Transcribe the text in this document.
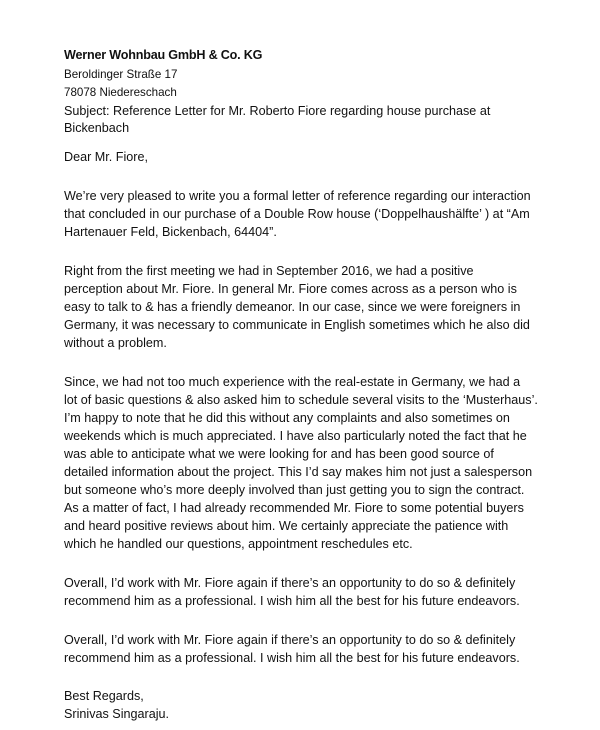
Werner Wohnbau GmbH & Co. KG
Beroldinger Straße 17
78078 Niedereschach
Subject: Reference Letter for Mr. Roberto Fiore regarding house purchase at
Bickenbach
Dear Mr. Fiore,
We’re very pleased to write you a formal letter of reference regarding our interaction
that concluded in our purchase of a Double Row house (‘Doppelhaushälfte’ ) at “Am
Hartenauer Feld, Bickenbach, 64404”.
Right from the first meeting we had in September 2016, we had a positive
perception about Mr. Fiore. In general Mr. Fiore comes across as a person who is
easy to talk to & has a friendly demeanor. In our case, since we were foreigners in
Germany, it was necessary to communicate in English sometimes which he also did
without a problem.
Since, we had not too much experience with the real-estate in Germany, we had a
lot of basic questions & also asked him to schedule several visits to the ‘Musterhaus’.
I’m happy to note that he did this without any complaints and also sometimes on
weekends which is much appreciated. I have also particularly noted the fact that he
was able to anticipate what we were looking for and has been good source of
detailed information about the project. This I’d say makes him not just a salesperson
but someone who’s more deeply involved than just getting you to sign the contract.
As a matter of fact, I had already recommended Mr. Fiore to some potential buyers
and heard positive reviews about him. We certainly appreciate the patience with
which he handled our questions, appointment reschedules etc.
Overall, I’d work with Mr. Fiore again if there’s an opportunity to do so & definitely
recommend him as a professional. I wish him all the best for his future endeavors.
Overall, I’d work with Mr. Fiore again if there’s an opportunity to do so & definitely
recommend him as a professional. I wish him all the best for his future endeavors.
Best Regards,
Srinivas Singaraju.
